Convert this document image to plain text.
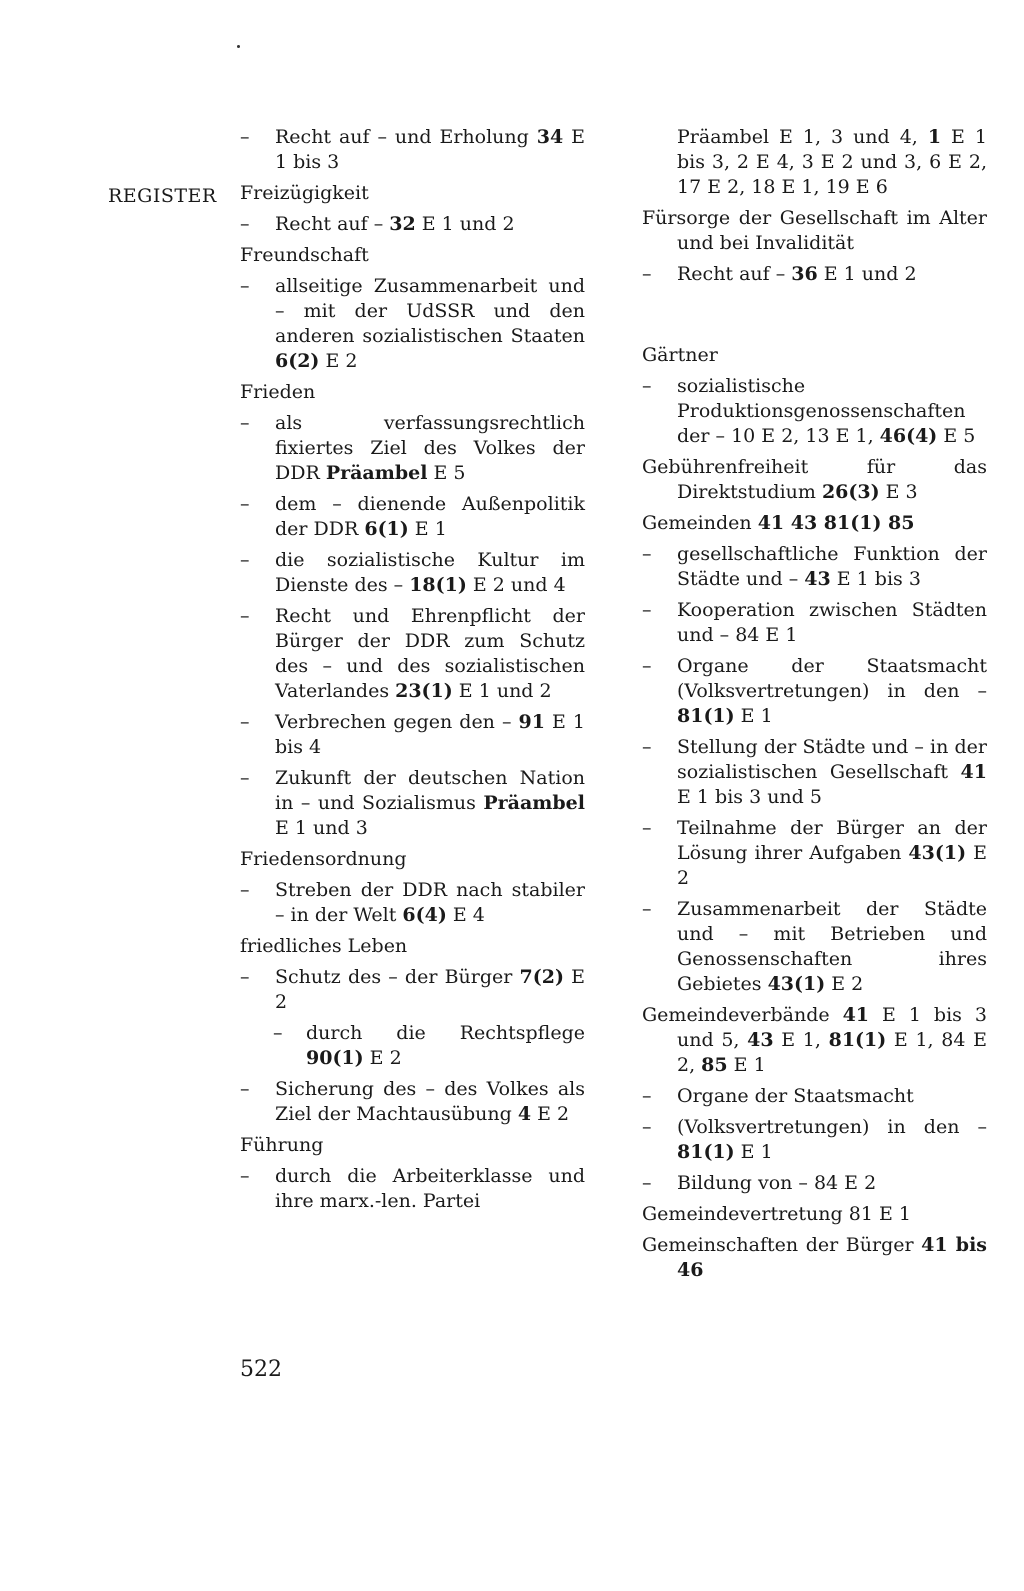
REGISTER
– Recht auf – und Erholung 34 E 1 bis 3
Freizügigkeit
– Recht auf – 32 E 1 und 2
Freundschaft
– allseitige Zusammenarbeit und – mit der UdSSR und den anderen sozialistischen Staaten 6(2) E 2
Frieden
– als verfassungsrechtlich fixiertes Ziel des Volkes der DDR Präambel E 5
– dem – dienende Außenpolitik der DDR 6(1) E 1
– die sozialistische Kultur im Dienste des – 18(1) E 2 und 4
– Recht und Ehrenpflicht der Bürger der DDR zum Schutz des – und des sozialistischen Vaterlandes 23(1) E 1 und 2
– Verbrechen gegen den – 91 E 1 bis 4
– Zukunft der deutschen Nation in – und Sozialismus Präambel E 1 und 3
Friedensordnung
– Streben der DDR nach stabiler – in der Welt 6(4) E 4
friedliches Leben
– Schutz des – der Bürger 7(2) E 2
– durch die Rechtspflege 90(1) E 2
– Sicherung des – des Volkes als Ziel der Machtausübung 4 E 2
Führung
– durch die Arbeiterklasse und ihre marx.-len. Partei
Präambel E 1, 3 und 4, 1 E 1 bis 3, 2 E 4, 3 E 2 und 3, 6 E 2, 17 E 2, 18 E 1, 19 E 6
Fürsorge der Gesellschaft im Alter und bei Invalidität
– Recht auf – 36 E 1 und 2
Gärtner
– sozialistische Produktionsgenossenschaften der – 10 E 2, 13 E 1, 46(4) E 5
Gebührenfreiheit für das Direktstudium 26(3) E 3
Gemeinden 41 43 81(1) 85
– gesellschaftliche Funktion der Städte und – 43 E 1 bis 3
– Kooperation zwischen Städten und – 84 E 1
– Organe der Staatsmacht (Volksvertretungen) in den – 81(1) E 1
– Stellung der Städte und – in der sozialistischen Gesellschaft 41 E 1 bis 3 und 5
– Teilnahme der Bürger an der Lösung ihrer Aufgaben 43(1) E 2
– Zusammenarbeit der Städte und – mit Betrieben und Genossenschaften ihres Gebietes 43(1) E 2
Gemeindeverbände 41 E 1 bis 3 und 5, 43 E 1, 81(1) E 1, 84 E 2, 85 E 1
– Organe der Staatsmacht
– (Volksvertretungen) in den – 81(1) E 1
– Bildung von – 84 E 2
Gemeindevertretung 81 E 1
Gemeinschaften der Bürger 41 bis 46
522
